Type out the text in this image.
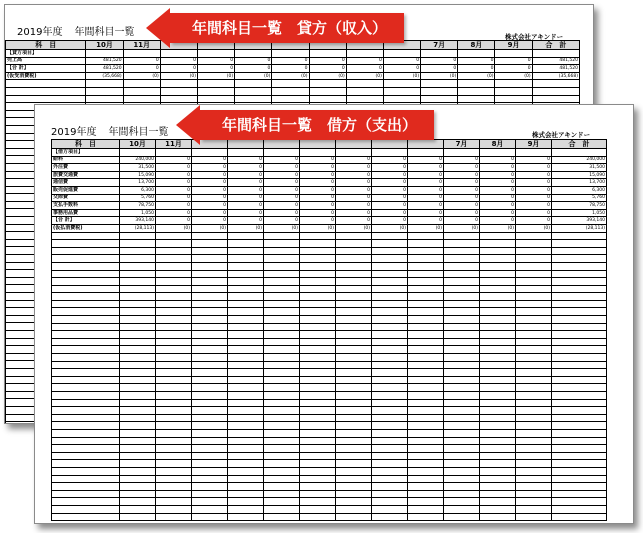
2019年度 年間科目一覧	株式会社アキンドー
科　目	10月	11月								7月	8月	9月	合　計
【貸方項目】													
売上高	481,520	0	0	0	0	0	0	0	0	0	0	0	481,520
【合 計】	481,520	0	0	0	0	0	0	0	0	0	0	0	481,520
(仮受消費税)	(35,668)	(0)	(0)	(0)	(0)	(0)	(0)	(0)	(0)	(0)	(0)	(0)	(35,668)

2019年度 年間科目一覧	株式会社アキンドー
科　目	10月	11月								7月	8月	9月	合　計
【借方項目】													
給料	240,000	0	0	0	0	0	0	0	0	0	0	0	240,000
外注費	31,500	0	0	0	0	0	0	0	0	0	0	0	31,500
旅費交通費	15,090	0	0	0	0	0	0	0	0	0	0	0	15,090
通信費	13,700	0	0	0	0	0	0	0	0	0	0	0	13,700
販売促進費	6,300	0	0	0	0	0	0	0	0	0	0	0	6,300
交際費	5,760	0	0	0	0	0	0	0	0	0	0	0	5,760
支払手数料	78,750	0	0	0	0	0	0	0	0	0	0	0	78,750
事務用品費	1,050	0	0	0	0	0	0	0	0	0	0	0	1,050
【合 計】	393,140	0	0	0	0	0	0	0	0	0	0	0	393,140
(仮払消費税)	(28,113)	(0)	(0)	(0)	(0)	(0)	(0)	(0)	(0)	(0)	(0)	(0)	(28,113)

年間科目一覧　貸方（収入）
年間科目一覧　借方（支出）
